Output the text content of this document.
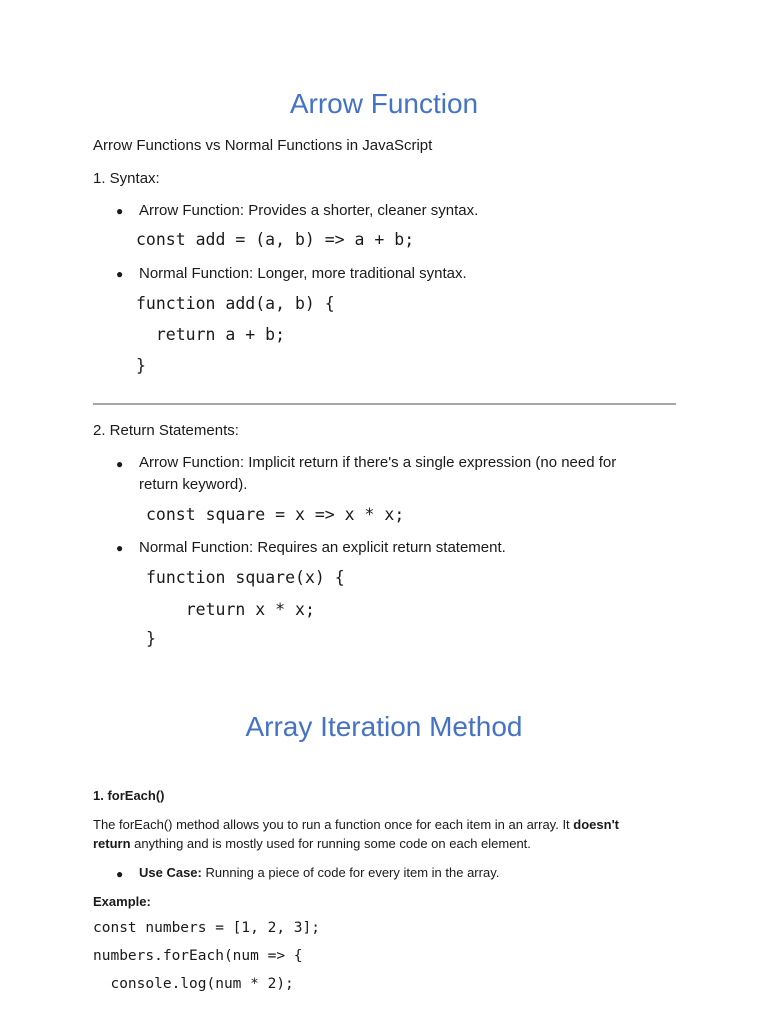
Arrow Function
Arrow Functions vs Normal Functions in JavaScript
1. Syntax:
● Arrow Function: Provides a shorter, cleaner syntax.
const add = (a, b) => a + b;
● Normal Function: Longer, more traditional syntax.
function add(a, b) {
return a + b;
}
2. Return Statements:
● Arrow Function: Implicit return if there's a single expression (no need for
return keyword).
const square = x => x * x;
● Normal Function: Requires an explicit return statement.
function square(x) {
return x * x;
}
Array Iteration Method
1. forEach()
The forEach() method allows you to run a function once for each item in an array. It doesn't
return anything and is mostly used for running some code on each element.
● Use Case: Running a piece of code for every item in the array.
Example:
const numbers = [1, 2, 3];
numbers.forEach(num => {
console.log(num * 2);
